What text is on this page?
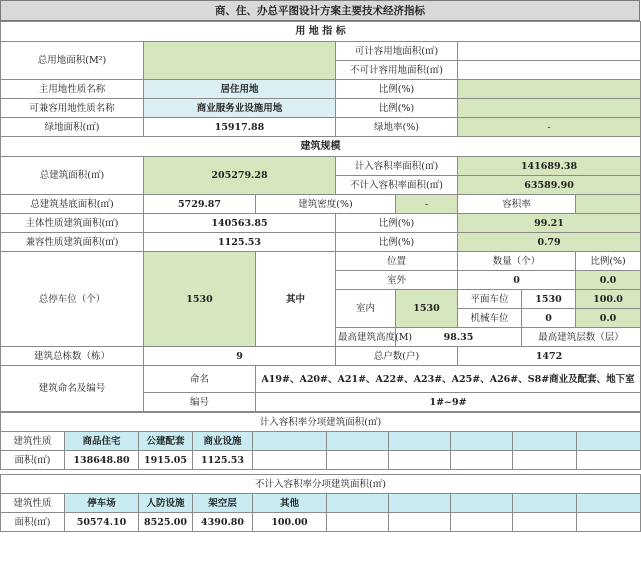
商、住、办总平图设计方案主要技术经济指标
用 地 指 标								
总用地面积(M²)			可计容用地面积(㎡)					
			不可计容用地面积(㎡)					
主用地性质名称	居住用地		比例(%)					
可兼容用地性质名称	商业服务业设施用地		比例(%)					
绿地面积(㎡)	15917.88		绿地率(%)		-			
建筑规模								
总建筑面积(㎡)	205279.28		计入容积率面积(㎡)		141689.38			
			不计入容积率面积(㎡)		63589.90			
总建筑基底面积(㎡)	5729.87	建筑密度(%)		-	容积率			
主体性质建筑面积(㎡)	140563.85		比例(%)		99.21			
兼容性质建筑面积(㎡)	1125.53		比例(%)		0.79			
总停车位（个）	1530	其中	位置		数量（个）		比例(%)	
			室外		0		0.0	
			室内	1530	平面车位	1530	100.0	
					机械车位	0	0.0	
			最高建筑高度(M)	98.35		最高建筑层数（层）	
建筑总栋数（栋）	9		总户数(户)		1472			
建筑命名及编号	命名	A19#、A20#、A21#、A22#、A23#、A25#、A26#、S8#商业及配套、地下室						
	编号	1#~9#						
计入容积率分项建筑面积(㎡)									
建筑性质	商品住宅	公建配套	商业设施						
面积(㎡)	138648.80	1915.05	1125.53						

不计入容积率分项建筑面积(㎡)									
建筑性质	停车场	人防设施	架空层	其他					
面积(㎡)	50574.10	8525.00	4390.80	100.00					
